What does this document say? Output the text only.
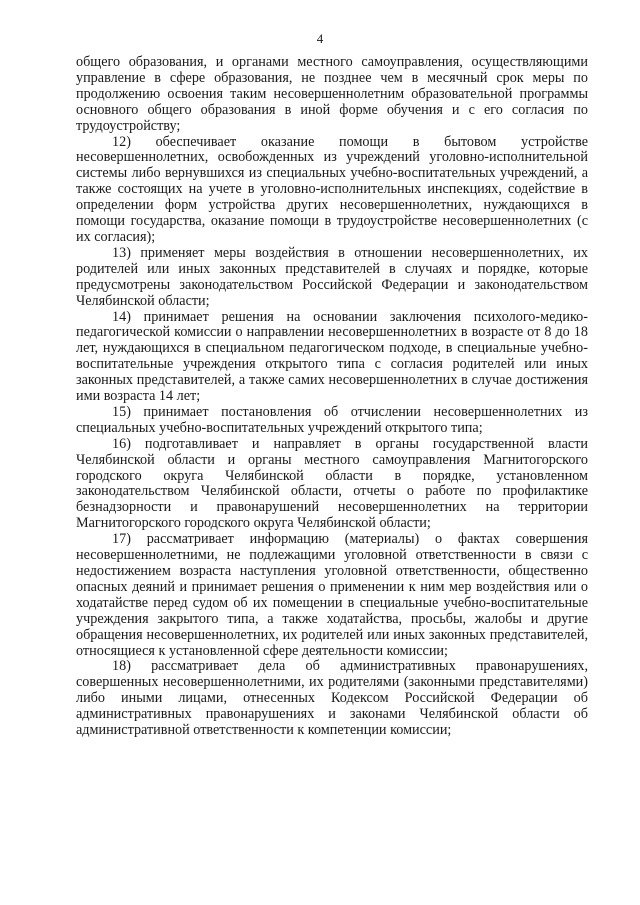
4

общего образования, и органами местного самоуправления, осуществляющими управление в сфере образования, не позднее чем в месячный срок меры по продолжению освоения таким несовершеннолетним образовательной программы основного общего образования в иной форме обучения и с его согласия по трудоустройству;

12) обеспечивает оказание помощи в бытовом устройстве несовершеннолетних, освобожденных из учреждений уголовно-исполнительной системы либо вернувшихся из специальных учебно-воспитательных учреждений, а также состоящих на учете в уголовно-исполнительных инспекциях, содействие в определении форм устройства других несовершеннолетних, нуждающихся в помощи государства, оказание помощи в трудоустройстве несовершеннолетних (с их согласия);

13) применяет меры воздействия в отношении несовершеннолетних, их родителей или иных законных представителей в случаях и порядке, которые предусмотрены законодательством Российской Федерации и законодательством Челябинской области;

14) принимает решения на основании заключения психолого-медико-педагогической комиссии о направлении несовершеннолетних в возрасте от 8 до 18 лет, нуждающихся в специальном педагогическом подходе, в специальные учебно-воспитательные учреждения открытого типа с согласия родителей или иных законных представителей, а также самих несовершеннолетних в случае достижения ими возраста 14 лет;

15) принимает постановления об отчислении несовершеннолетних из специальных учебно-воспитательных учреждений открытого типа;

16) подготавливает и направляет в органы государственной власти Челябинской области и органы местного самоуправления Магнитогорского городского округа Челябинской области в порядке, установленном законодательством Челябинской области, отчеты о работе по профилактике безнадзорности и правонарушений несовершеннолетних на территории Магнитогорского городского округа Челябинской области;

17) рассматривает информацию (материалы) о фактах совершения несовершеннолетними, не подлежащими уголовной ответственности в связи с недостижением возраста наступления уголовной ответственности, общественно опасных деяний и принимает решения о применении к ним мер воздействия или о ходатайстве перед судом об их помещении в специальные учебно-воспитательные учреждения закрытого типа, а также ходатайства, просьбы, жалобы и другие обращения несовершеннолетних, их родителей или иных законных представителей, относящиеся к установленной сфере деятельности комиссии;

18) рассматривает дела об административных правонарушениях, совершенных несовершеннолетними, их родителями (законными представителями) либо иными лицами, отнесенных Кодексом Российской Федерации об административных правонарушениях и законами Челябинской области об административной ответственности к компетенции комиссии;
